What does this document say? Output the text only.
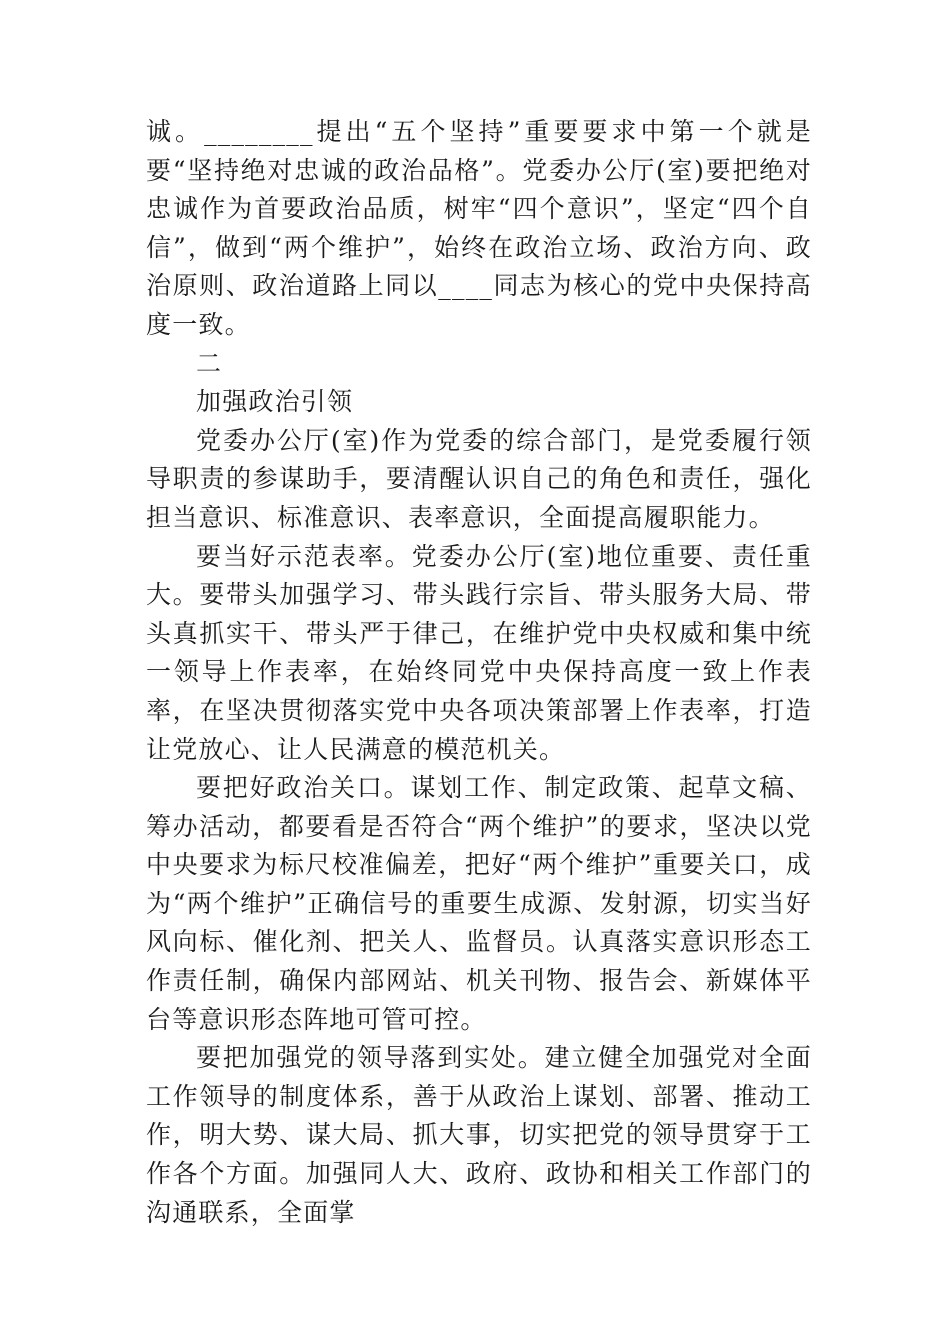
诚。________提出“五个坚持”重要要求中第一个就是要“坚持绝对忠诚的政治品格”。党委办公厅(室)要把绝对忠诚作为首要政治品质，树牢“四个意识”，坚定“四个自信”，做到“两个维护”，始终在政治立场、政治方向、政治原则、政治道路上同以____同志为核心的党中央保持高度一致。

二

加强政治引领

党委办公厅(室)作为党委的综合部门，是党委履行领导职责的参谋助手，要清醒认识自己的角色和责任，强化担当意识、标准意识、表率意识，全面提高履职能力。

要当好示范表率。党委办公厅(室)地位重要、责任重大。要带头加强学习、带头践行宗旨、带头服务大局、带头真抓实干、带头严于律己，在维护党中央权威和集中统一领导上作表率，在始终同党中央保持高度一致上作表率，在坚决贯彻落实党中央各项决策部署上作表率，打造让党放心、让人民满意的模范机关。

要把好政治关口。谋划工作、制定政策、起草文稿、筹办活动，都要看是否符合“两个维护”的要求，坚决以党中央要求为标尺校准偏差，把好“两个维护”重要关口，成为“两个维护”正确信号的重要生成源、发射源，切实当好风向标、催化剂、把关人、监督员。认真落实意识形态工作责任制，确保内部网站、机关刊物、报告会、新媒体平台等意识形态阵地可管可控。

要把加强党的领导落到实处。建立健全加强党对全面工作领导的制度体系，善于从政治上谋划、部署、推动工作，明大势、谋大局、抓大事，切实把党的领导贯穿于工作各个方面。加强同人大、政府、政协和相关工作部门的沟通联系，全面掌
